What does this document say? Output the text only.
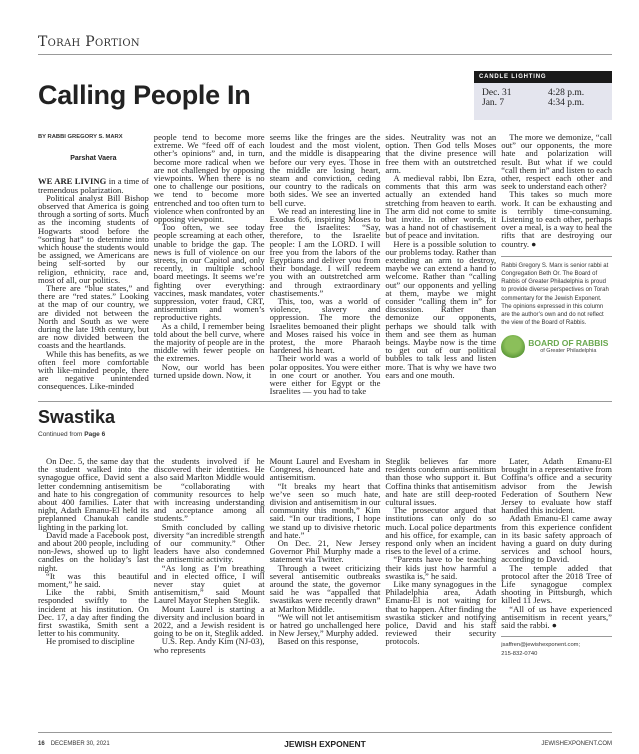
Torah Portion
Calling People In
CANDLE LIGHTING
Dec. 31	4:28 p.m.
Jan. 7	4:34 p.m.

BY RABBI GREGORY S. MARX

Parshat Vaera

WE ARE LIVING in a time of tremendous polarization.

Political analyst Bill Bishop observed that America is going through a sorting of sorts. Much as the incoming students of Hogwarts stood before the “sorting hat” to determine into which house the students would be assigned, we Americans are being self-sorted by our religion, ethnicity, race and, most of all, our politics.

There are “blue states,” and there are “red states.” Looking at the map of our country, we are divided not between the North and South as we were during the late 19th century, but are now divided between the coasts and the heartlands.

While this has benefits, as we often feel more comfortable with like-minded people, there are negative unintended consequences. Like-minded

people tend to become more extreme. We “feed off of each other’s opinions” and, in turn, become more radical when we are not challenged by opposing viewpoints. When there is no one to challenge our positions, we tend to become more entrenched and too often turn to violence when confronted by an opposing viewpoint.

Too often, we see today people screaming at each other, unable to bridge the gap. The news is full of violence on our streets, in our Capitol and, only recently, in multiple school board meetings. It seems we’re fighting over everything: vaccines, mask mandates, voter suppression, voter fraud, CRT, antisemitism and women’s reproductive rights.

As a child, I remember being told about the bell curve, where the majority of people are in the middle with fewer people on the extremes.

Now, our world has been turned upside down. Now, it

seems like the fringes are the loudest and the most violent, and the middle is disappearing before our very eyes. Those in the middle are losing heart, steam and conviction, ceding our country to the radicals on both sides. We see an inverted bell curve.

We read an interesting line in Exodus 6:6, inspiring Moses to free the Israelites: “Say, therefore, to the Israelite people: I am the LORD. I will free you from the labors of the Egyptians and deliver you from their bondage. I will redeem you with an outstretched arm and through extraordinary chastisements.”

This, too, was a world of violence, slavery and oppression. The more the Israelites bemoaned their plight and Moses raised his voice in protest, the more Pharaoh hardened his heart.

Their world was a world of polar opposites. You were either in one court or another. You were either for Egypt or the Israelites — you had to take

sides. Neutrality was not an option. Then God tells Moses that the divine presence will free them with an outstretched arm.

A medieval rabbi, Ibn Ezra, comments that this arm was actually an extended hand stretching from heaven to earth. The arm did not come to smite but invite. In other words, it was a hand not of chastisement but of peace and invitation.

Here is a possible solution to our problems today. Rather than extending an arm to destroy, maybe we can extend a hand to welcome. Rather than “calling out” our opponents and yelling at them, maybe we might consider “calling them in” for discussion. Rather than demonize our opponents, perhaps we should talk with them and see them as human beings. Maybe now is the time to get out of our political bubbles to talk less and listen more. That is why we have two ears and one mouth.

The more we demonize, “call out” our opponents, the more hate and polarization will result. But what if we could “call them in” and listen to each other, respect each other and seek to understand each other?

This takes so much more work. It can be exhausting and is terribly time-consuming. Listening to each other, perhaps over a meal, is a way to heal the rifts that are destroying our country. ●

Rabbi Gregory S. Marx is senior rabbi at Congregation Beth Or. The Board of Rabbis of Greater Philadelphia is proud to provide diverse perspectives on Torah commentary for the Jewish Exponent. The opinions expressed in this column are the author’s own and do not reflect the view of the Board of Rabbis.
BOARD OF RABBIS
of Greater Philadelphia
Swastika
Continued from Page 6

On Dec. 5, the same day that the student walked into the synagogue office, David sent a letter condemning antisemitism and hate to his congregation of about 400 families. Later that night, Adath Emanu-El held its preplanned Chanukah candle lighting in the parking lot.

David made a Facebook post, and about 200 people, including non-Jews, showed up to light candles on the holiday’s last night.

“It was this beautiful moment,” he said.

Like the rabbi, Smith responded swiftly to the incident at his institution. On Dec. 17, a day after finding the first swastika, Smith sent a letter to his community.

He promised to discipline

the students involved if he discovered their identities. He also said Marlton Middle would be “collaborating with community resources to help with increasing understanding and acceptance among all students.”

Smith concluded by calling diversity “an incredible strength of our community.” Other leaders have also condemned the antisemitic activity.

“As long as I’m breathing and in elected office, I will never stay quiet at antisemitism,” said Mount Laurel Mayor Stephen Steglik.

Mount Laurel is starting a diversity and inclusion board in 2022, and a Jewish resident is going to be on it, Steglik added.

U.S. Rep. Andy Kim (NJ-03), who represents

Mount Laurel and Evesham in Congress, denounced hate and antisemitism.

“It breaks my heart that we’ve seen so much hate, division and antisemitism in our community this month,” Kim said. “In our traditions, I hope we stand up to divisive rhetoric and hate.”

On Dec. 21, New Jersey Governor Phil Murphy made a statement via Twitter.

Through a tweet criticizing several antisemitic outbreaks around the state, the governor said he was “appalled that swastikas were recently drawn” at Marlton Middle.

“We will not let antisemitism or hatred go unchallenged here in New Jersey,” Murphy added.

Based on this response,

Steglik believes far more residents condemn antisemitism than those who support it. But Coffina thinks that antisemitism and hate are still deep-rooted cultural issues.

The prosecutor argued that institutions can only do so much. Local police departments and his office, for example, can respond only when an incident rises to the level of a crime.

“Parents have to be teaching their kids just how harmful a swastika is,” he said.

Like many synagogues in the Philadelphia area, Adath Emanu-El is not waiting for that to happen. After finding the swastika sticker and notifying police, David and his staff reviewed their security protocols.

Later, Adath Emanu-El brought in a representative from Coffina’s office and a security advisor from the Jewish Federation of Southern New Jersey to evaluate how staff handled this incident.

Adath Emanu-El came away from this experience confident in its basic safety approach of having a guard on duty during services and school hours, according to David.

The temple added that protocol after the 2018 Tree of Life synagogue complex shooting in Pittsburgh, which killed 11 Jews.

“All of us have experienced antisemitism in recent years,” said the rabbi. ●

jsaffren@jewishexponent.com;
215-832-0740
16 DECEMBER 30, 2021	JEWISH EXPONENT	JEWISHEXPONENT.COM
